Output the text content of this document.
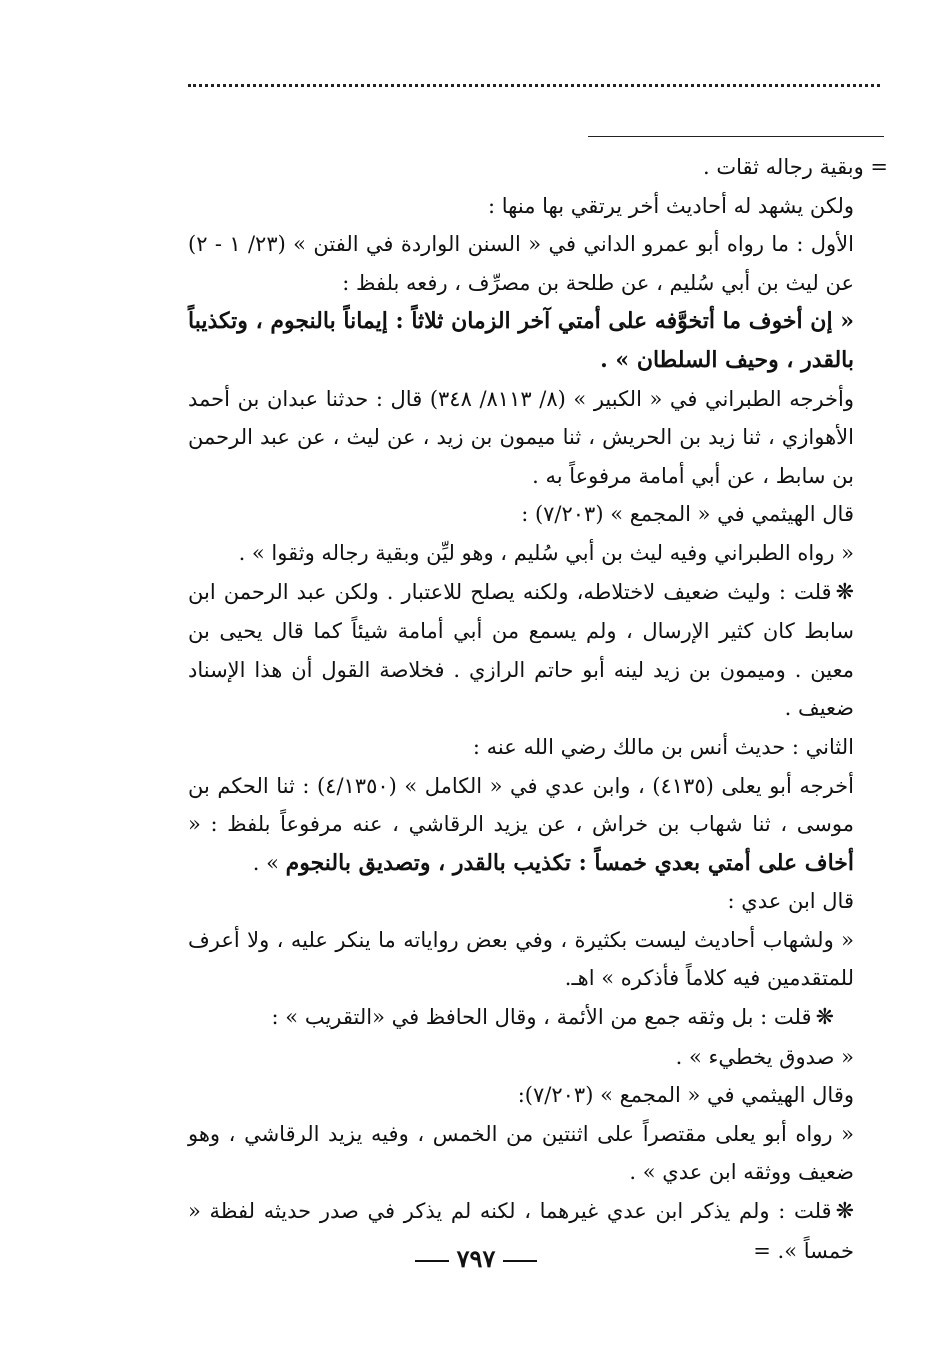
= وبقية رجاله ثقات .

ولكن يشهد له أحاديث أخر يرتقي بها منها :

الأول : ما رواه أبو عمرو الداني في « السنن الواردة في الفتن » (٢٣/ ١ - ٢) عن ليث بن أبي سُليم ، عن طلحة بن مصرِّف ، رفعه بلفظ :

« إن أخوف ما أتخوَّفه على أمتي آخر الزمان ثلاثاً : إيماناً بالنجوم ، وتكذيباً بالقدر ، وحيف السلطان » .

وأخرجه الطبراني في « الكبير » (٨/ ٨١١٣/ ٣٤٨) قال : حدثنا عبدان بن أحمد الأهوازي ، ثنا زيد بن الحريش ، ثنا ميمون بن زيد ، عن ليث ، عن عبد الرحمن بن سابط ، عن أبي أمامة مرفوعاً به .

قال الهيثمي في « المجمع » (٧/٢٠٣) :

« رواه الطبراني وفيه ليث بن أبي سُليم ، وهو ليِّن وبقية رجاله وثقوا » .

❋قلت : وليث ضعيف لاختلاطه، ولكنه يصلح للاعتبار . ولكن عبد الرحمن ابن سابط كان كثير الإرسال ، ولم يسمع من أبي أمامة شيئاً كما قال يحيى بن معين . وميمون بن زيد لينه أبو حاتم الرازي . فخلاصة القول أن هذا الإسناد ضعيف .

الثاني : حديث أنس بن مالك رضي الله عنه :

أخرجه أبو يعلى (٤١٣٥) ، وابن عدي في « الكامل » (٤/١٣٥٠) : ثنا الحكم بن موسى ، ثنا شهاب بن خراش ، عن يزيد الرقاشي ، عنه مرفوعاً بلفظ : « أخاف على أمتي بعدي خمساً : تكذيب بالقدر ، وتصديق بالنجوم » .

قال ابن عدي :

« ولشهاب أحاديث ليست بكثيرة ، وفي بعض رواياته ما ينكر عليه ، ولا أعرف للمتقدمين فيه كلاماً فأذكره » اهـ.

❋قلت : بل وثقه جمع من الأئمة ، وقال الحافظ في «التقريب » :

« صدوق يخطيء » .

وقال الهيثمي في « المجمع » (٧/٢٠٣):

« رواه أبو يعلى مقتصراً على اثنتين من الخمس ، وفيه يزيد الرقاشي ، وهو ضعيف ووثقه ابن عدي » .

❋قلت : ولم يذكر ابن عدي غيرهما ، لكنه لم يذكر في صدر حديثه لفظة « خمساً ». =

٧٩٧
